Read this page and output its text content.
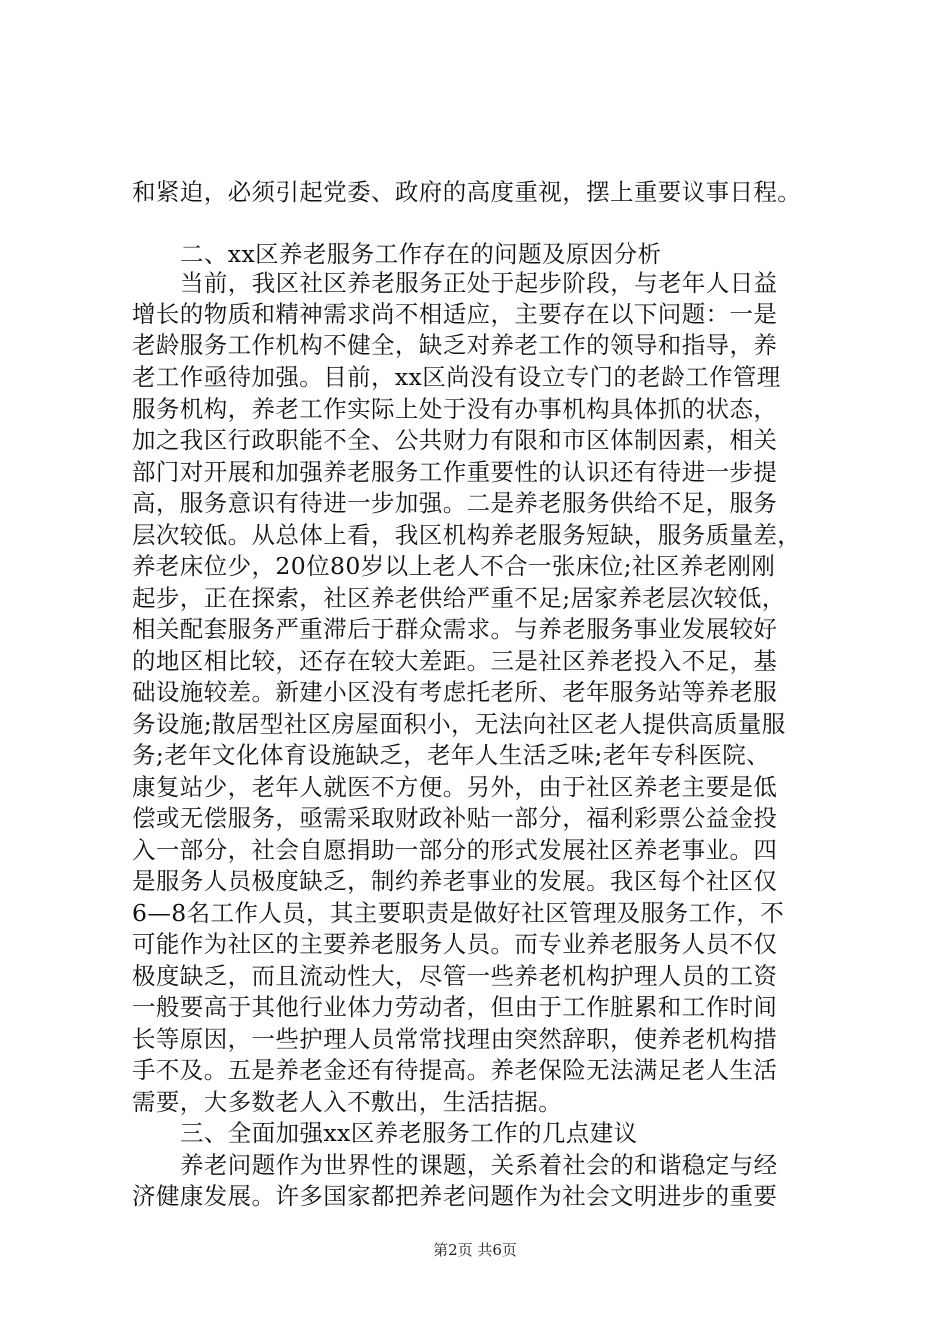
和紧迫，必须引起党委、政府的高度重视，摆上重要议事日程。
二、xx区养老服务工作存在的问题及原因分析
当前，我区社区养老服务正处于起步阶段，与老年人日益
增长的物质和精神需求尚不相适应，主要存在以下问题：一是
老龄服务工作机构不健全，缺乏对养老工作的领导和指导，养
老工作亟待加强。目前，xx区尚没有设立专门的老龄工作管理
服务机构，养老工作实际上处于没有办事机构具体抓的状态，
加之我区行政职能不全、公共财力有限和市区体制因素，相关
部门对开展和加强养老服务工作重要性的认识还有待进一步提
高，服务意识有待进一步加强。二是养老服务供给不足，服务
层次较低。从总体上看，我区机构养老服务短缺，服务质量差，
养老床位少，20位80岁以上老人不合一张床位;社区养老刚刚
起步，正在探索，社区养老供给严重不足;居家养老层次较低，
相关配套服务严重滞后于群众需求。与养老服务事业发展较好
的地区相比较，还存在较大差距。三是社区养老投入不足，基
础设施较差。新建小区没有考虑托老所、老年服务站等养老服
务设施;散居型社区房屋面积小，无法向社区老人提供高质量服
务;老年文化体育设施缺乏，老年人生活乏味;老年专科医院、
康复站少，老年人就医不方便。另外，由于社区养老主要是低
偿或无偿服务，亟需采取财政补贴一部分，福利彩票公益金投
入一部分，社会自愿捐助一部分的形式发展社区养老事业。四
是服务人员极度缺乏，制约养老事业的发展。我区每个社区仅
6—8名工作人员，其主要职责是做好社区管理及服务工作，不
可能作为社区的主要养老服务人员。而专业养老服务人员不仅
极度缺乏，而且流动性大，尽管一些养老机构护理人员的工资
一般要高于其他行业体力劳动者，但由于工作脏累和工作时间
长等原因，一些护理人员常常找理由突然辞职，使养老机构措
手不及。五是养老金还有待提高。养老保险无法满足老人生活
需要，大多数老人入不敷出，生活拮据。
三、全面加强xx区养老服务工作的几点建议
养老问题作为世界性的课题，关系着社会的和谐稳定与经
济健康发展。许多国家都把养老问题作为社会文明进步的重要
第2页 共6页
